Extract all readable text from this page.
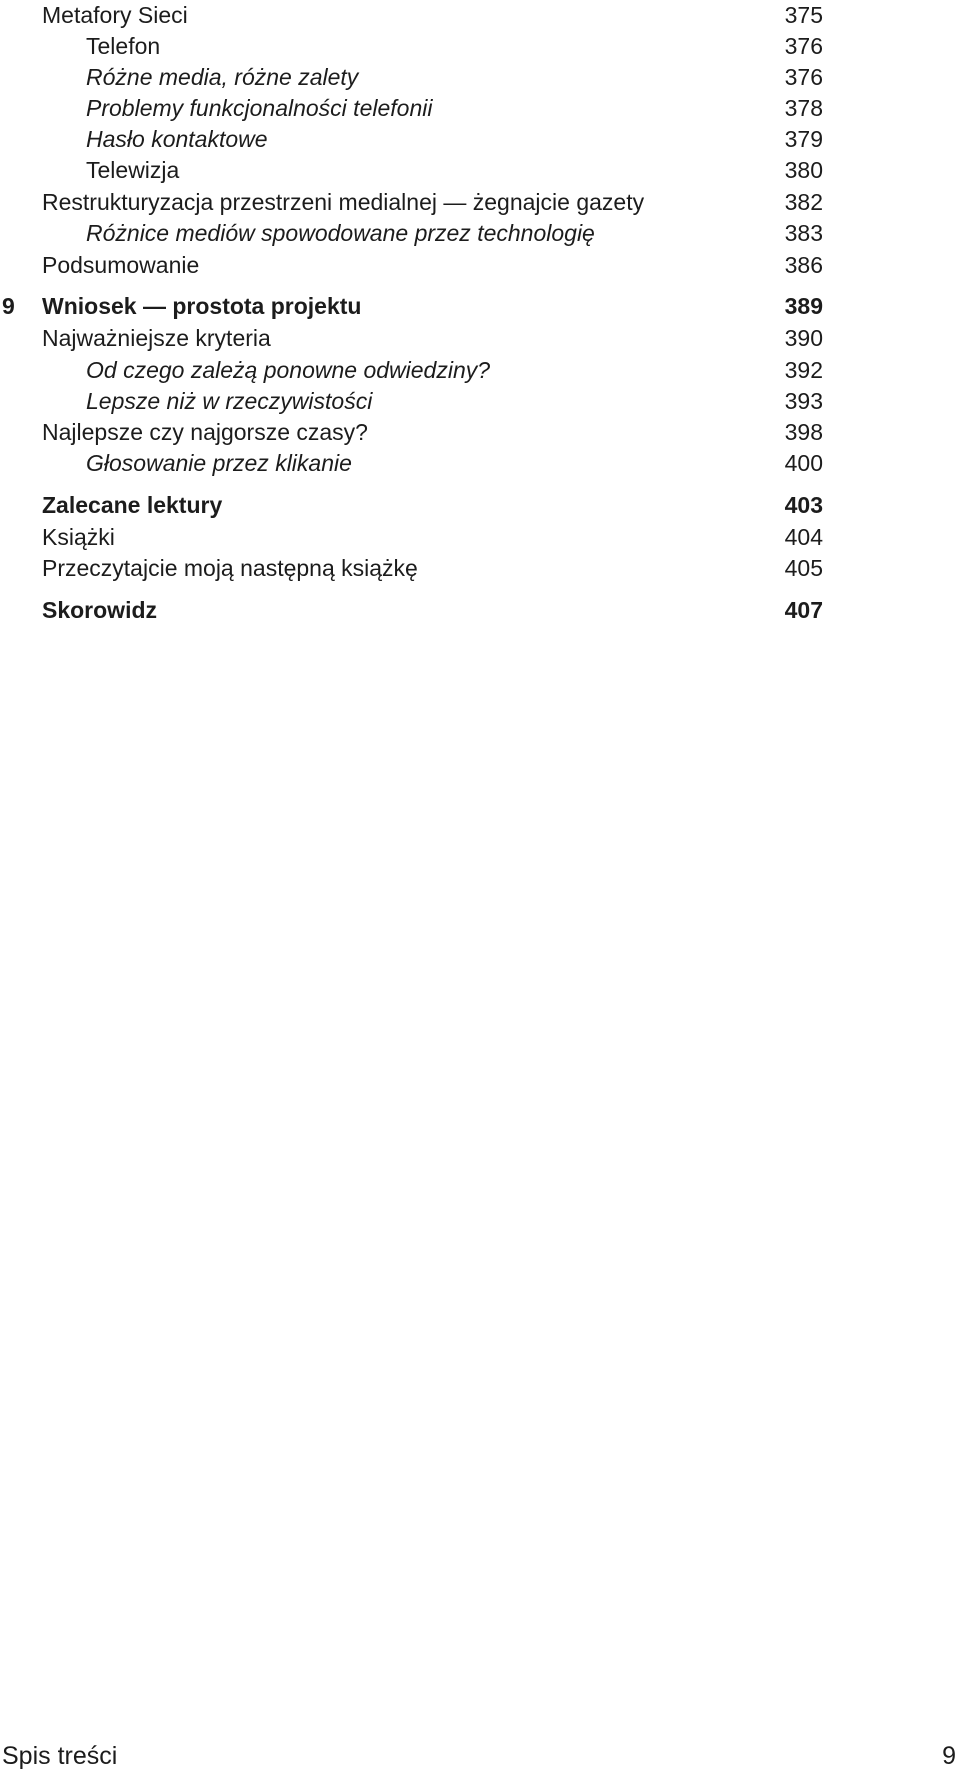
Metafory Sieci	375
Telefon	376
Różne media, różne zalety	376
Problemy funkcjonalności telefonii	378
Hasło kontaktowe	379
Telewizja	380
Restrukturyzacja przestrzeni medialnej — żegnajcie gazety	382
Różnice mediów spowodowane przez technologię	383
Podsumowanie	386
9 Wniosek — prostota projektu	389
Najważniejsze kryteria	390
Od czego zależą ponowne odwiedziny?	392
Lepsze niż w rzeczywistości	393
Najlepsze czy najgorsze czasy?	398
Głosowanie przez klikanie	400
Zalecane lektury	403
Książki	404
Przeczytajcie moją następną książkę	405
Skorowidz	407
Spis treści	9
